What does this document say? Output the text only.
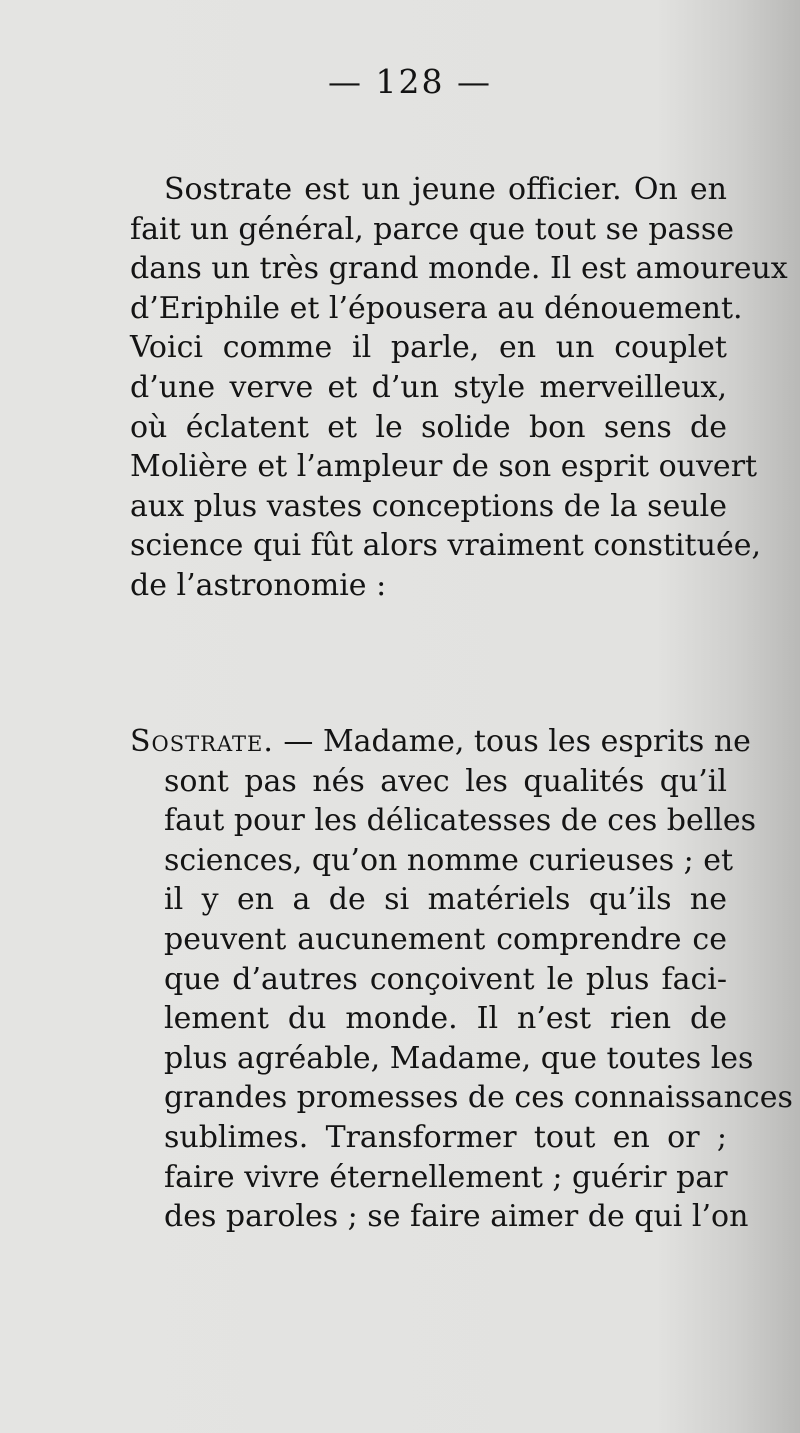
— 128 —

Sostrate est un jeune officier. On en
fait un général, parce que tout se passe
dans un très grand monde. Il est amoureux
d’Eriphile et l’épousera au dénouement.
Voici comme il parle, en un couplet
d’une verve et d’un style merveilleux,
où éclatent et le solide bon sens de
Molière et l’ampleur de son esprit ouvert
aux plus vastes conceptions de la seule
science qui fût alors vraiment constituée,
de l’astronomie :

Sostrate. — Madame, tous les esprits ne
sont pas nés avec les qualités qu’il
faut pour les délicatesses de ces belles
sciences, qu’on nomme curieuses ; et
il y en a de si matériels qu’ils ne
peuvent aucunement comprendre ce
que d’autres conçoivent le plus faci-
lement du monde. Il n’est rien de
plus agréable, Madame, que toutes les
grandes promesses de ces connaissances
sublimes. Transformer tout en or ;
faire vivre éternellement ; guérir par
des paroles ; se faire aimer de qui l’on
